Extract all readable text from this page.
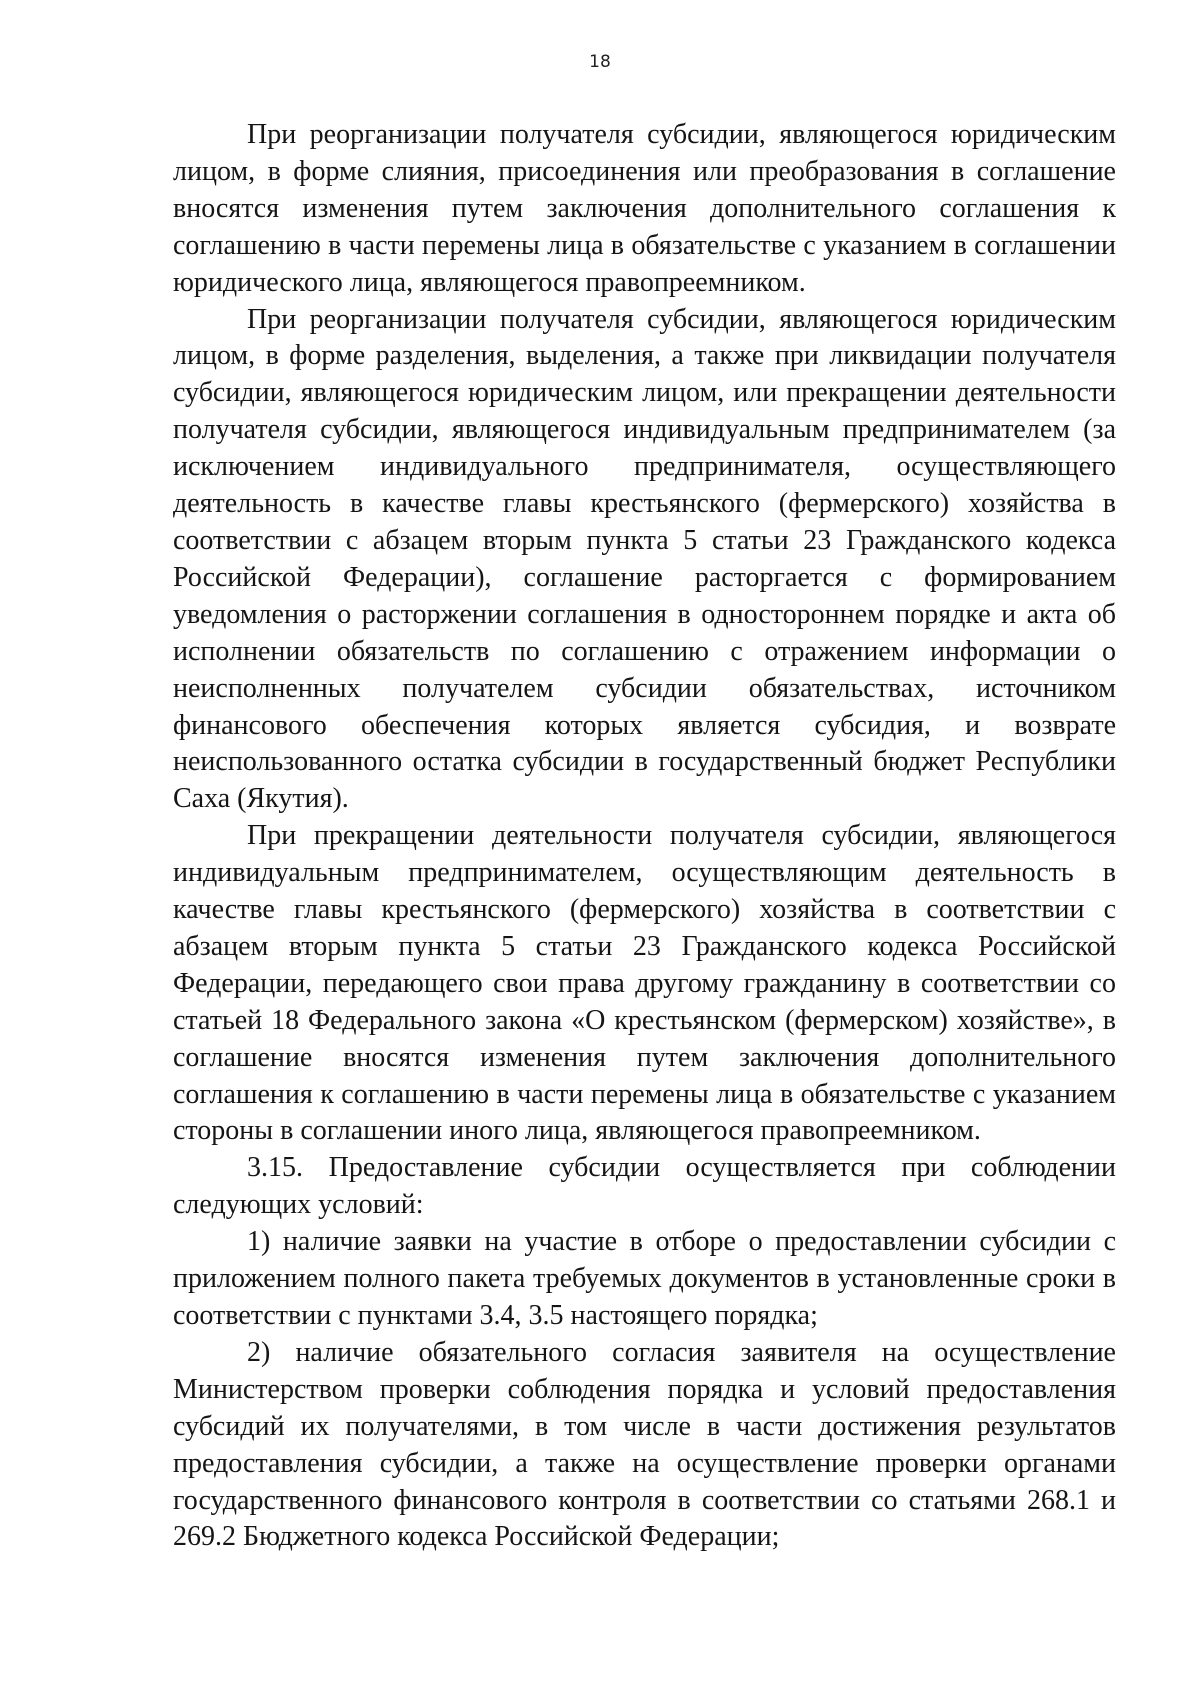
18

При реорганизации получателя субсидии, являющегося юридическим лицом, в форме слияния, присоединения или преобразования в соглашение вносятся изменения путем заключения дополнительного соглашения к соглашению в части перемены лица в обязательстве с указанием в соглашении юридического лица, являющегося правопреемником.

При реорганизации получателя субсидии, являющегося юридическим лицом, в форме разделения, выделения, а также при ликвидации получателя субсидии, являющегося юридическим лицом, или прекращении деятельности получателя субсидии, являющегося индивидуальным предпринимателем (за исключением индивидуального предпринимателя, осуществляющего деятельность в качестве главы крестьянского (фермерского) хозяйства в соответствии с абзацем вторым пункта 5 статьи 23 Гражданского кодекса Российской Федерации), соглашение расторгается с формированием уведомления о расторжении соглашения в одностороннем порядке и акта об исполнении обязательств по соглашению с отражением информации о неисполненных получателем субсидии обязательствах, источником финансового обеспечения которых является субсидия, и возврате неиспользованного остатка субсидии в государственный бюджет Республики Саха (Якутия).

При прекращении деятельности получателя субсидии, являющегося индивидуальным предпринимателем, осуществляющим деятельность в качестве главы крестьянского (фермерского) хозяйства в соответствии с абзацем вторым пункта 5 статьи 23 Гражданского кодекса Российской Федерации, передающего свои права другому гражданину в соответствии со статьей 18 Федерального закона «О крестьянском (фермерском) хозяйстве», в соглашение вносятся изменения путем заключения дополнительного соглашения к соглашению в части перемены лица в обязательстве с указанием стороны в соглашении иного лица, являющегося правопреемником.

3.15. Предоставление субсидии осуществляется при соблюдении следующих условий:

1) наличие заявки на участие в отборе о предоставлении субсидии с приложением полного пакета требуемых документов в установленные сроки в соответствии с пунктами 3.4, 3.5 настоящего порядка;

2) наличие обязательного согласия заявителя на осуществление Министерством проверки соблюдения порядка и условий предоставления субсидий их получателями, в том числе в части достижения результатов предоставления субсидии, а также на осуществление проверки органами государственного финансового контроля в соответствии со статьями 268.1 и 269.2 Бюджетного кодекса Российской Федерации;
